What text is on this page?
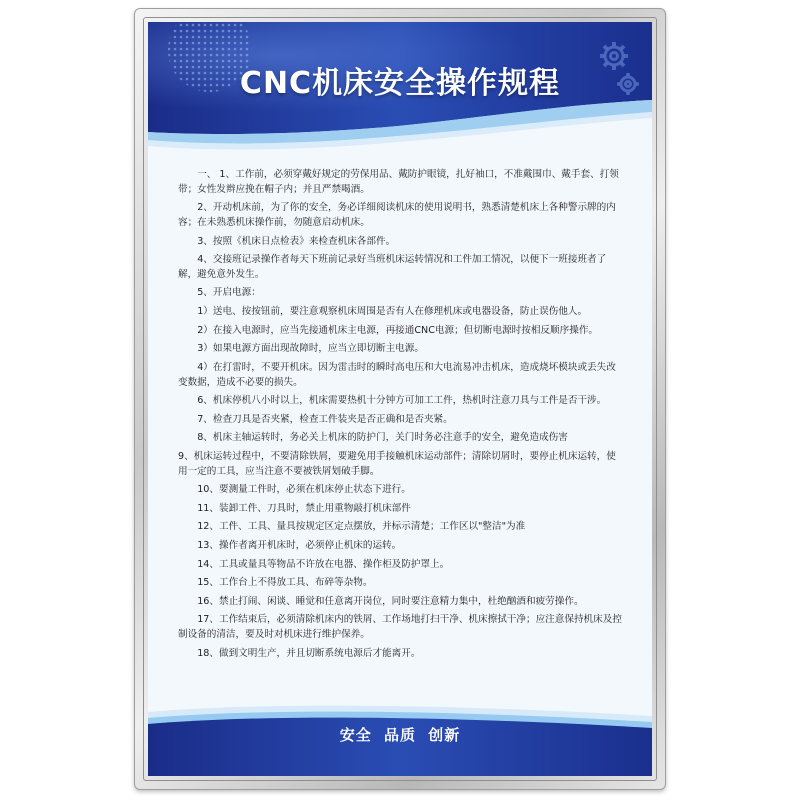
CNC机床安全操作规程

一、 1、工作前，必须穿戴好规定的劳保用品、戴防护眼镜，扎好袖口，不准戴围巾、戴手套、打领带；女性发辫应挽在帽子内；并且严禁喝酒。

2、开动机床前，为了你的安全，务必详细阅读机床的使用说明书，熟悉清楚机床上各种警示牌的内容；在未熟悉机床操作前，勿随意启动机床。

3、按照《机床日点检表》来检查机床各部件。

4、交接班记录操作者每天下班前记录好当班机床运转情况和工件加工情况，以便下一班接班者了解，避免意外发生。

5、开启电源：

1）送电、按按钮前，要注意观察机床周围是否有人在修理机床或电器设备，防止误伤他人。

2）在接入电源时，应当先接通机床主电源，再接通CNC电源；但切断电源时按相反顺序操作。

3）如果电源方面出现故障时，应当立即切断主电源。

4）在打雷时，不要开机床。因为雷击时的瞬时高电压和大电流易冲击机床，造成烧坏模块或丢失改变数据，造成不必要的损失。

6、机床停机八小时以上，机床需要热机十分钟方可加工工件，热机时注意刀具与工件是否干涉。

7、检查刀具是否夹紧，检查工件装夹是否正确和是否夹紧。

8、机床主轴运转时，务必关上机床的防护门，关门时务必注意手的安全，避免造成伤害

9、机床运转过程中，不要清除铁屑，要避免用手接触机床运动部件；清除切屑时，要停止机床运转，使用一定的工具，应当注意不要被铁屑划破手脚。

10、要测量工件时，必须在机床停止状态下进行。

11、装卸工件、刀具时，禁止用重物敲打机床部件

12、工件、工具、量具按规定区定点摆放，并标示清楚；工作区以"整洁"为准

13、操作者离开机床时，必须停止机床的运转。

14、工具或量具等物品不许放在电器、操作柜及防护罩上。

15、工作台上不得放工具、布碎等杂物。

16、禁止打闹、闲谈、睡觉和任意离开岗位，同时要注意精力集中，杜绝酗酒和疲劳操作。

17、工作结束后，必须清除机床内的铁屑、工作场地打扫干净、机床擦拭干净；应注意保持机床及控制设备的清洁，要及时对机床进行维护保养。

18、做到文明生产，并且切断系统电源后才能离开。

安全 品质 创新
